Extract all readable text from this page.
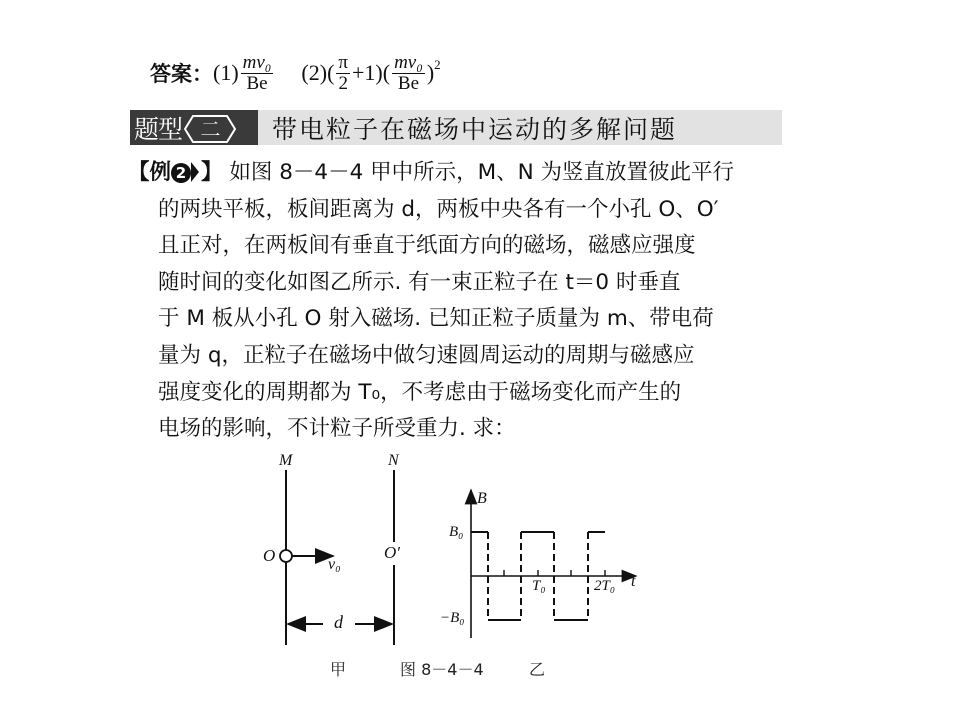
答案： $(1) \frac{\text{mv₀}}{Be} (2)( \frac{\pi}{2} +1)( \frac{\text{mv₀}}{Be}$ ) 2
题型 二	带电粒子在磁场中运动的多解问题
【例 2 】 如图 8－4－4 甲中所示，M、N 为竖直放置彼此平行
的两块平板，板间距离为 d，两板中央各有一个小孔 O、O′
且正对，在两板间有垂直于纸面方向的磁场，磁感应强度
随时间的变化如图乙所示. 有一束正粒子在 t＝0 时垂直
于 M 板从小孔 O 射入磁场. 已知正粒子质量为 m、带电荷
量为 q，正粒子在磁场中做匀速圆周运动的周期与磁感应
强度变化的周期都为 T₀，不考虑由于磁场变化而产生的
电场的影响，不计粒子所受重力. 求：
M	N
O	O′
v₀
d
B
t
B₀
−B₀
T₀	2T₀
甲	图 8－4－4	乙
